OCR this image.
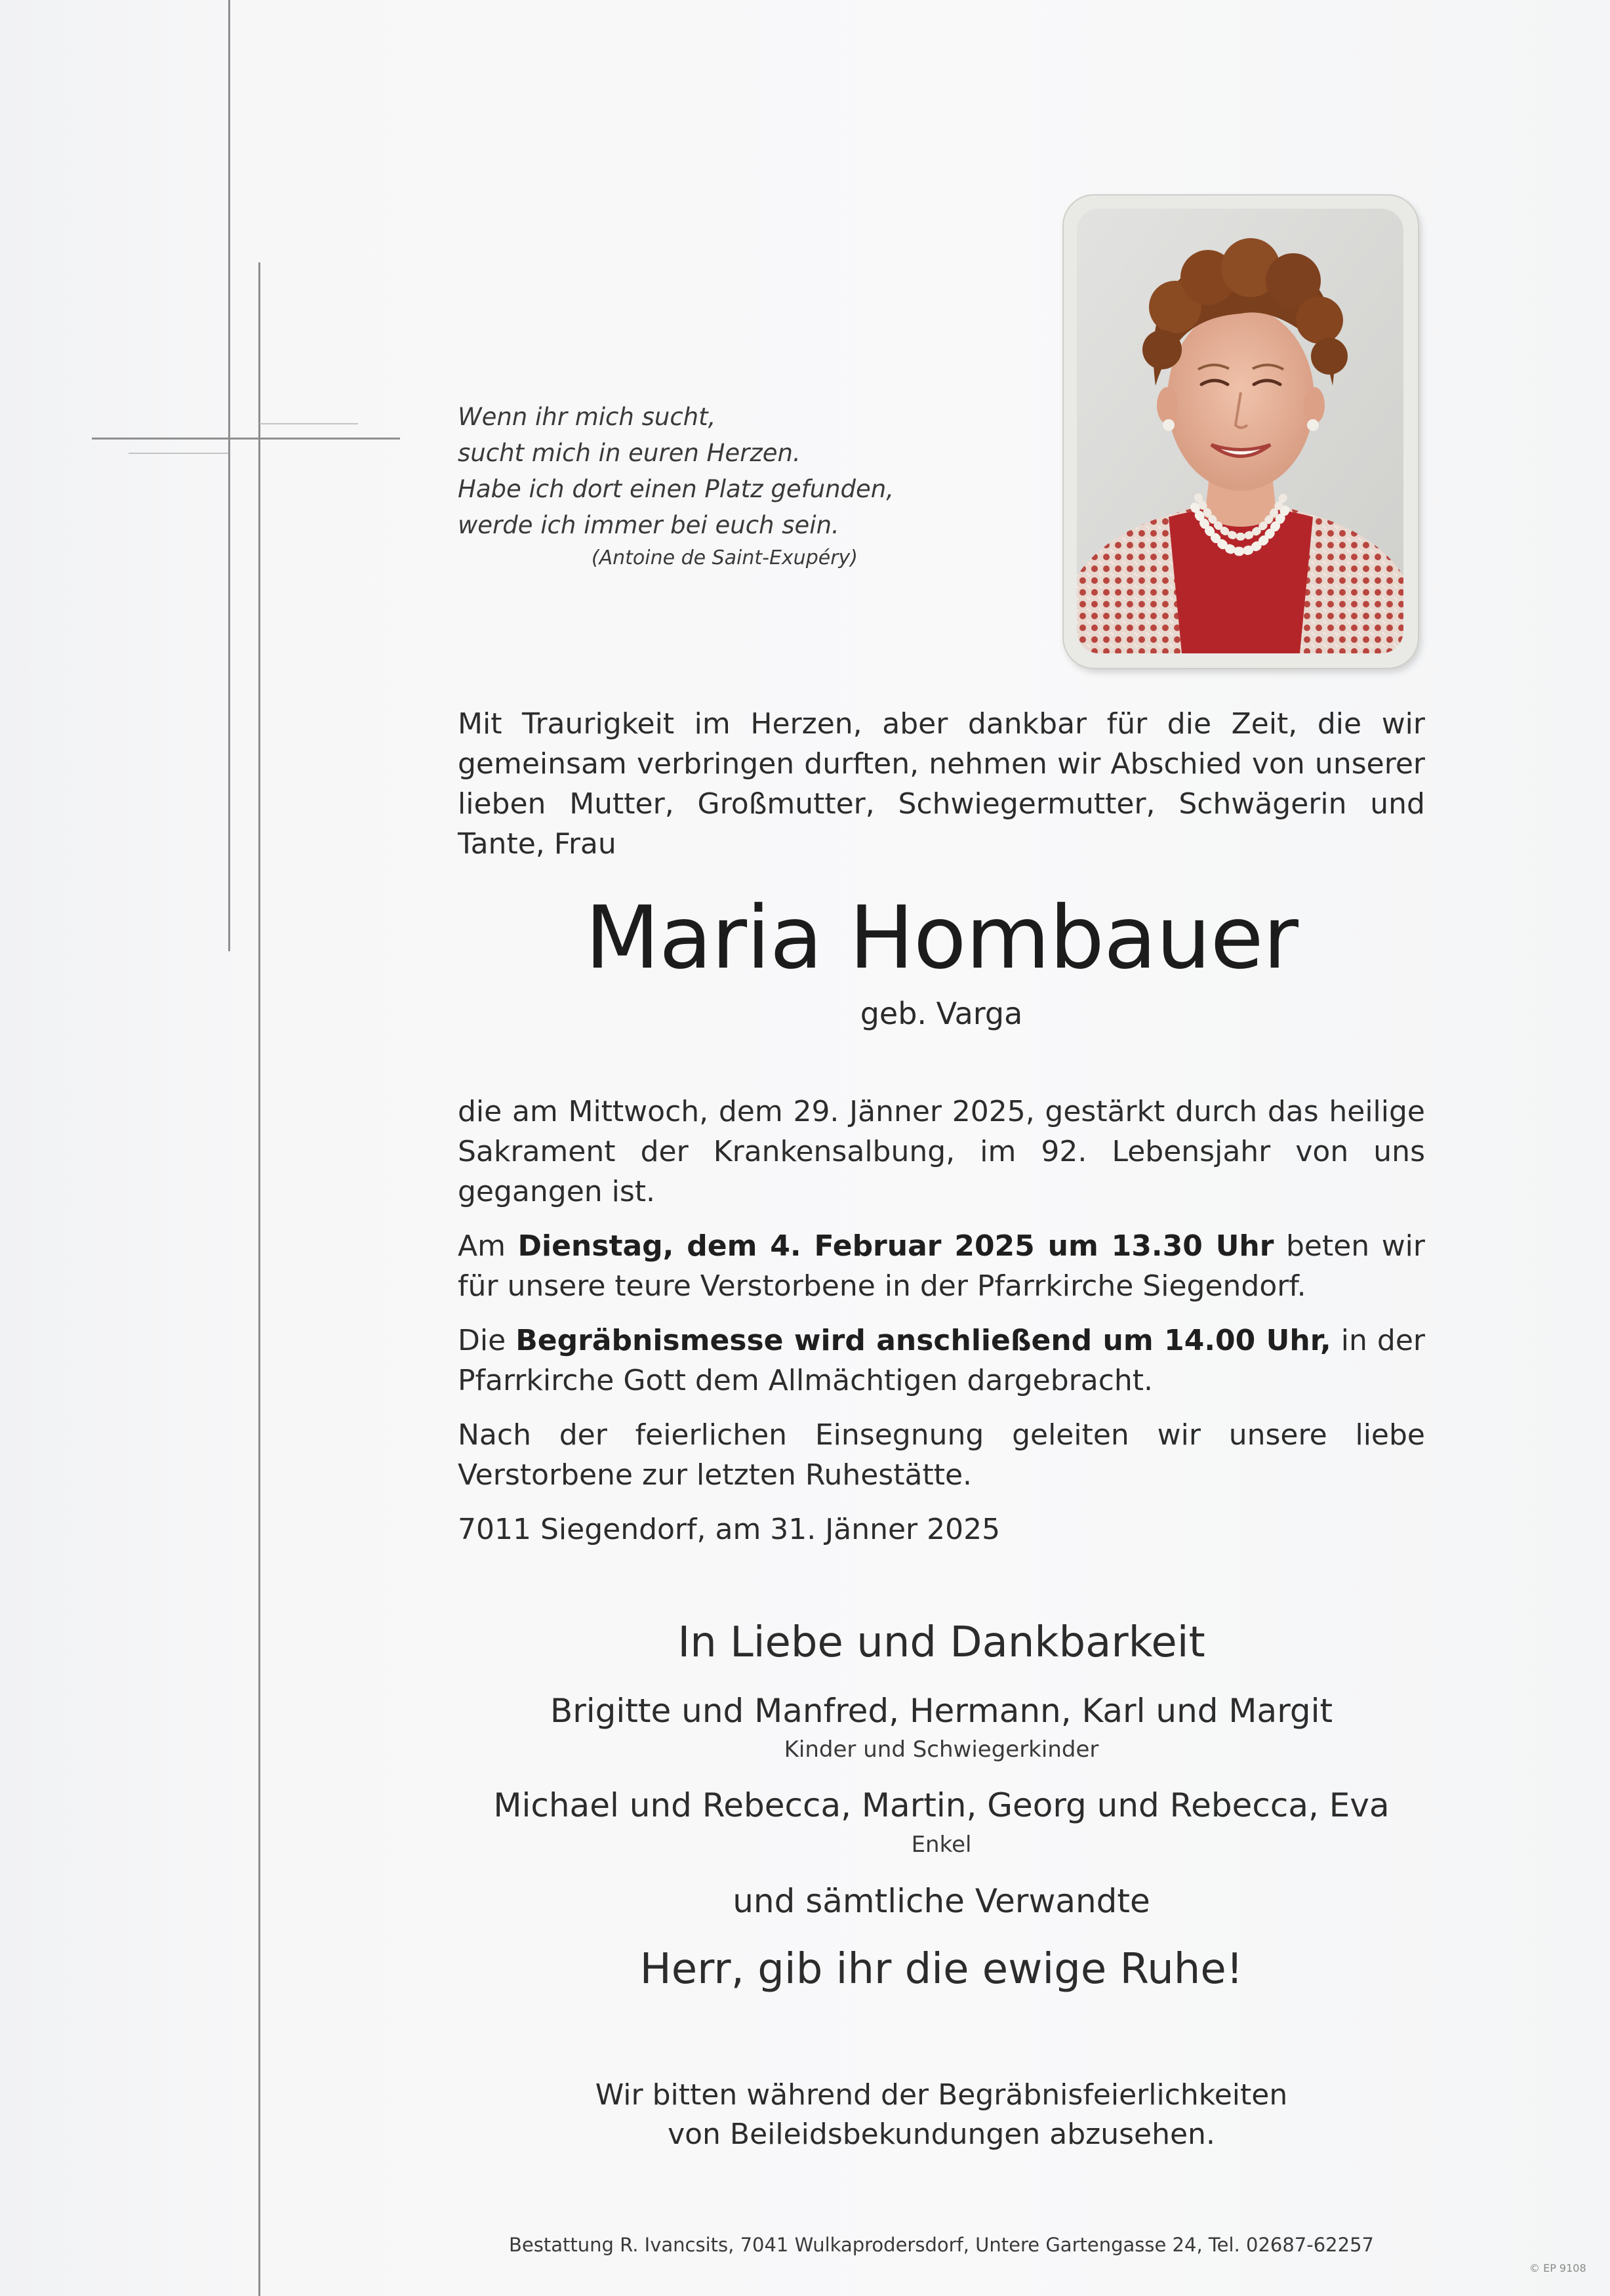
Wenn ihr mich sucht,
sucht mich in euren Herzen.
Habe ich dort einen Platz gefunden,
werde ich immer bei euch sein.
(Antoine de Saint-Exupéry)

Mit Traurigkeit im Herzen, aber dankbar für die Zeit, die wir gemeinsam verbringen durften, nehmen wir Abschied von unserer lieben Mutter, Großmutter, Schwiegermutter, Schwägerin und Tante, Frau

Maria Hombauer
geb. Varga

die am Mittwoch, dem 29. Jänner 2025, gestärkt durch das heilige Sakrament der Krankensalbung, im 92. Lebensjahr von uns gegangen ist.

Am Dienstag, dem 4. Februar 2025 um 13.30 Uhr beten wir für unsere teure Verstorbene in der Pfarrkirche Siegendorf.

Die Begräbnismesse wird anschließend um 14.00 Uhr, in der Pfarrkirche Gott dem Allmächtigen dargebracht.

Nach der feierlichen Einsegnung geleiten wir unsere liebe Verstorbene zur letzten Ruhestätte.

7011 Siegendorf, am 31. Jänner 2025

In Liebe und Dankbarkeit
Brigitte und Manfred, Hermann, Karl und Margit
Kinder und Schwiegerkinder
Michael und Rebecca, Martin, Georg und Rebecca, Eva
Enkel
und sämtliche Verwandte
Herr, gib ihr die ewige Ruhe!
Wir bitten während der Begräbnisfeierlichkeiten
von Beileidsbekundungen abzusehen.
Bestattung R. Ivancsits, 7041 Wulkaprodersdorf, Untere Gartengasse 24, Tel. 02687-62257
© EP 9108
